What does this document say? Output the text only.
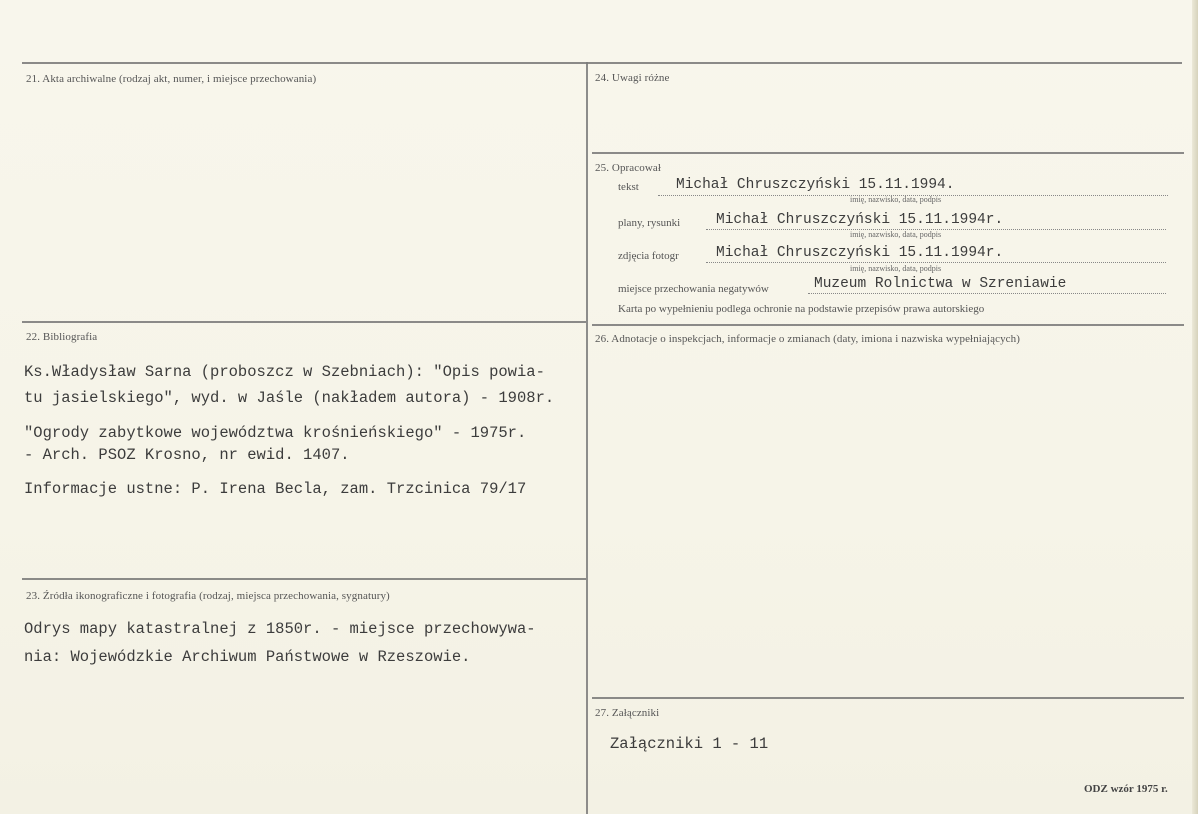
21. Akta archiwalne (rodzaj akt, numer, i miejsce przechowania)
22. Bibliografia
Ks.Władysław Sarna (proboszcz w Szebniach): "Opis powia-
tu jasielskiego", wyd. w Jaśle (nakładem autora) - 1908r.
"Ogrody zabytkowe województwa krośnieńskiego" - 1975r.
- Arch. PSOZ Krosno, nr ewid. 1407.
Informacje ustne: P. Irena Becla, zam. Trzcinica 79/17
23. Źródła ikonograficzne i fotografia (rodzaj, miejsca przechowania, sygnatury)
Odrys mapy katastralnej z 1850r. - miejsce przechowywa-
nia: Wojewódzkie Archiwum Państwowe w Rzeszowie.
24. Uwagi różne
25. Opracował
tekst	Michał Chruszczyński 15.11.1994.
imię, nazwisko, data, podpis
plany, rysunki Michał Chruszczyński 15.11.1994r.
imię, nazwisko, data, podpis
zdjęcia fotogr	Michał Chruszczyński 15.11.1994r.
imię, nazwisko, data, podpis
miejsce przechowania negatywów	Muzeum Rolnictwa w Szreniawie
Karta po wypełnieniu podlega ochronie na podstawie przepisów prawa autorskiego
26. Adnotacje o inspekcjach, informacje o zmianach (daty, imiona i nazwiska wypełniających)
27. Załączniki
Załączniki 1 - 11
ODZ wzór 1975 r.
